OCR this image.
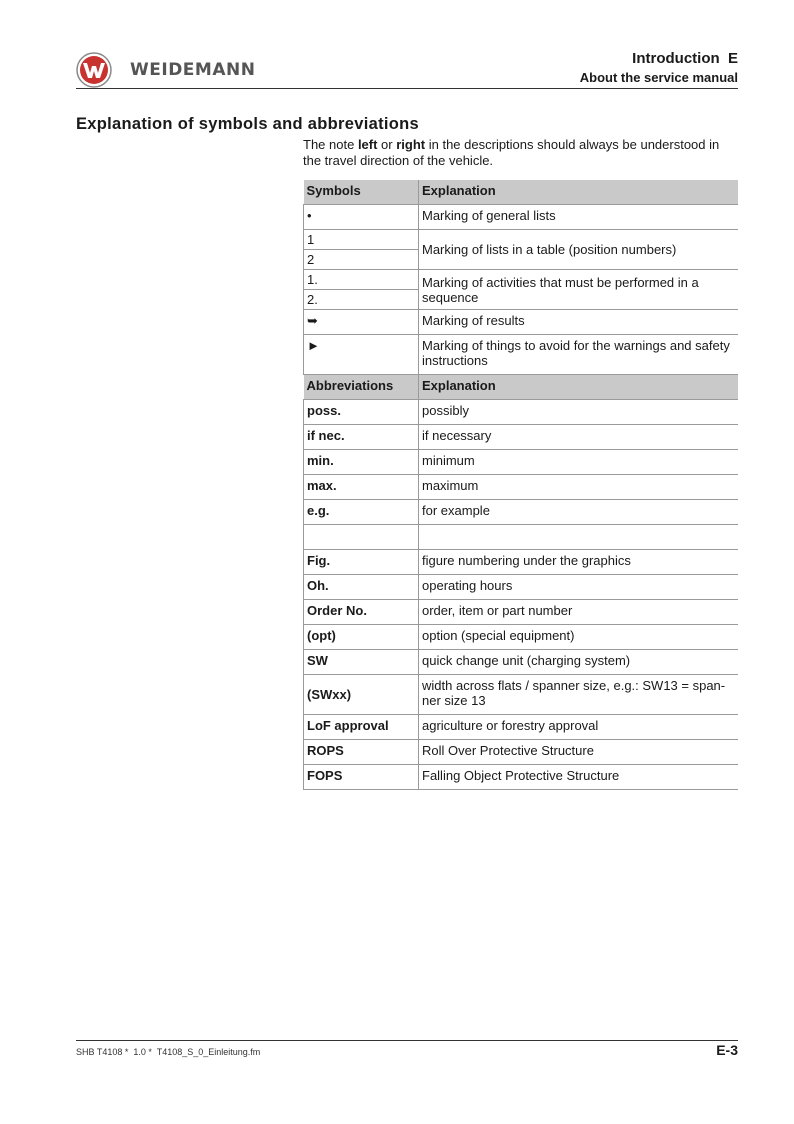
WEIDEMANN
Introduction  E
About the service manual
Explanation of symbols and abbreviations
The note left or right in the descriptions should always be understood in the travel direction of the vehicle.
Symbols	Explanation
•	Marking of general lists
1	Marking of lists in a table (position numbers)
2	
1.	Marking of activities that must be performed in a sequence
2.	
➥	Marking of results
►	Marking of things to avoid for the warnings and safety instructions
Abbreviations	Explanation
poss.	possibly
if nec.	if necessary
min.	minimum
max.	maximum
e.g.	for example

Fig.	figure numbering under the graphics
Oh.	operating hours
Order No.	order, item or part number
(opt)	option (special equipment)
SW	quick change unit (charging system)
(SWxx)	width across flats / spanner size, e.g.: SW13 = span-ner size 13
LoF approval	agriculture or forestry approval
ROPS	Roll Over Protective Structure
FOPS	Falling Object Protective Structure
SHB T4108 *  1.0 *  T4108_S_0_Einleitung.fm	E-3
